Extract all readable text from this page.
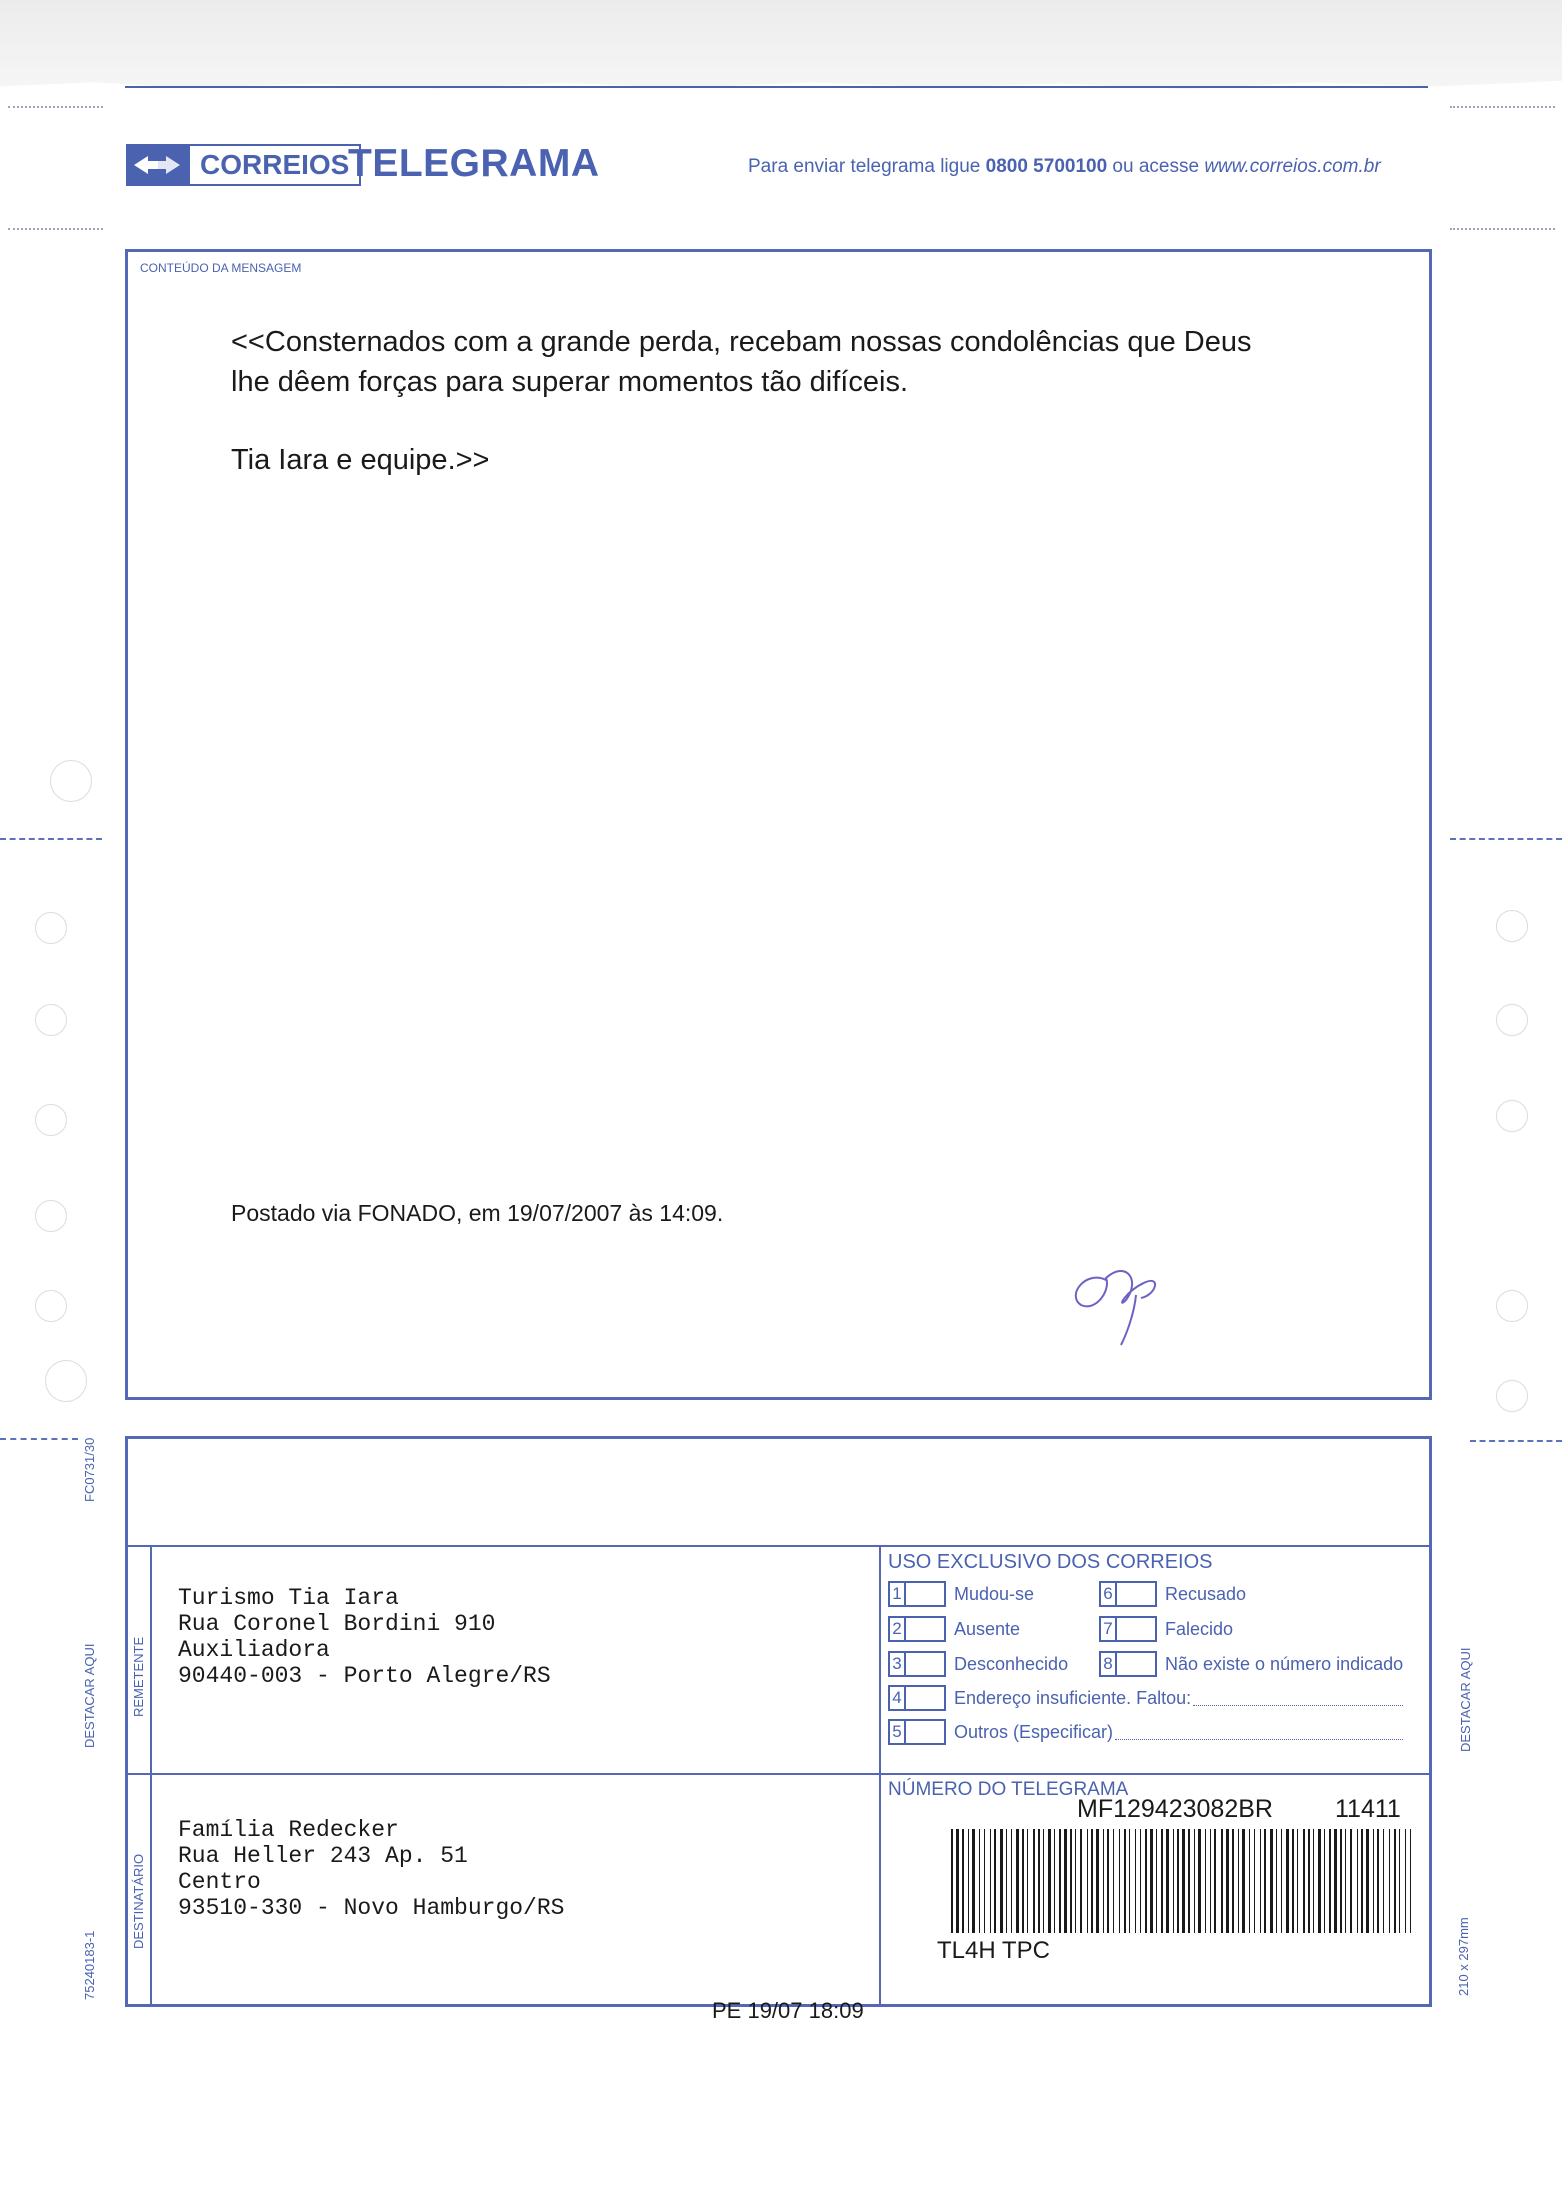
CORREIOS
TELEGRAMA	Para enviar telegrama ligue 0800 5700100 ou acesse www.correios.com.br
CONTEÚDO DA MENSAGEM

<<Consternados com a grande perda, recebam nossas condolências que Deus
lhe dêem forças para superar momentos tão difíceis.

Tia Iara e equipe.>>

Postado via FONADO, em 19/07/2007 às 14:09.
REMETENTE
DESTINATÁRIO
Turismo Tia Iara
Rua Coronel Bordini 910
Auxiliadora
90440-003 - Porto Alegre/RS
Família Redecker
Rua Heller 243 Ap. 51
Centro
93510-330 - Novo Hamburgo/RS
USO EXCLUSIVO DOS CORREIOS
1	Mudou-se
2	Ausente
3	Desconhecido
4	Endereço insuficiente. Faltou:
5	Outros (Especificar)
6	Recusado
7	Falecido
8	Não existe o número indicado
NÚMERO DO TELEGRAMA
MF129423082BR 11411
TL4H TPC
FC0731/30
DESTACAR AQUI
75240183-1
DESTACAR AQUI
210 x 297mm
PE 19/07 18:09
